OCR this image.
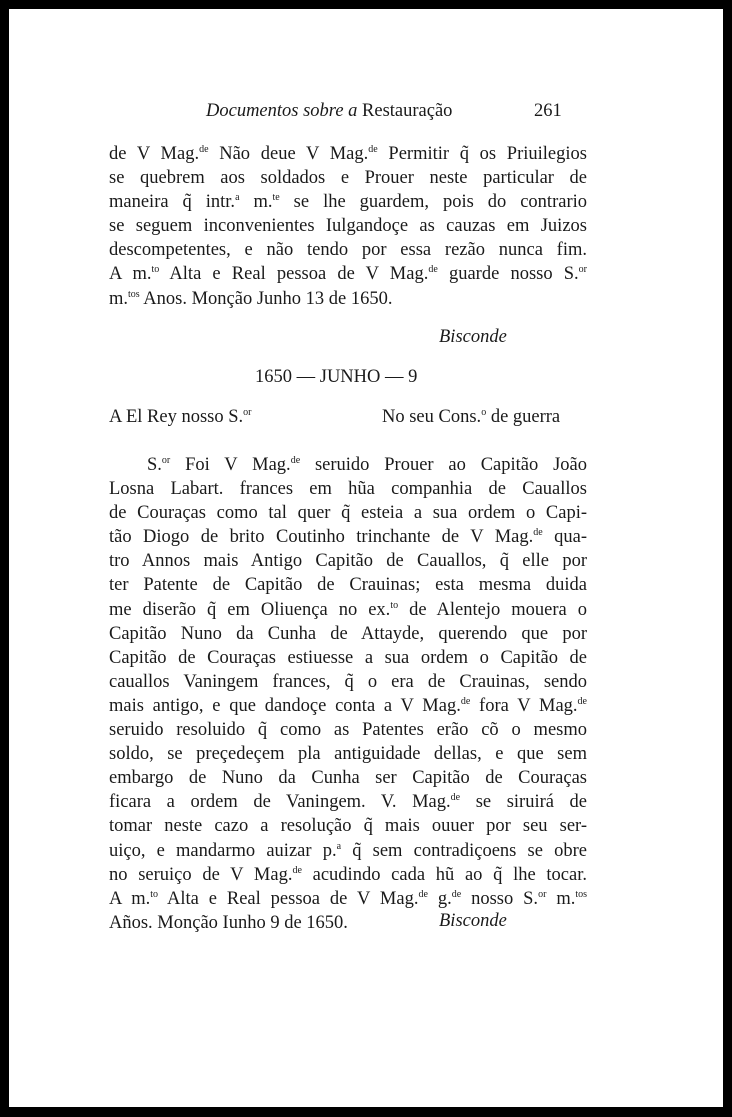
Documentos sobre a Restauração	261
de V Mag.$^{de}$ Não deue V Mag.$^{de}$ Permitir q̃ os Priuilegios
se quebrem aos soldados e Prouer neste particular de
maneira q̃ intr.$^a$ m.$^{te}$ se lhe guardem, pois do contrario
se seguem inconvenientes Iulgandoçe as cauzas em Juizos
descompetentes, e não tendo por essa rezão nunca fim.
A m.$^{to}$ Alta e Real pessoa de V Mag.$^{de}$ guarde nosso S.$^{or}$
m.$^{tos}$ Anos. Monção Junho 13 de 1650.
Bisconde
1650 — JUNHO — 9
A El Rey nosso S.$^{or}$	No seu Cons.$^o$ de guerra
S.$^{or}$ Foi V Mag.$^{de}$ seruido Prouer ao Capitão João
Losna Labart. frances em hũa companhia de Cauallos
de Couraças como tal quer q̃ esteia a sua ordem o Capi-
tão Diogo de brito Coutinho trinchante de V Mag.$^{de}$ qua-
tro Annos mais Antigo Capitão de Cauallos, q̃ elle por
ter Patente de Capitão de Crauinas; esta mesma duida
me diserão q̃ em Oliuença no ex.$^{to}$ de Alentejo mouera o
Capitão Nuno da Cunha de Attayde, querendo que por
Capitão de Couraças estiuesse a sua ordem o Capitão de
cauallos Vaningem frances, q̃ o era de Crauinas, sendo
mais antigo, e que dandoçe conta a V Mag.$^{de}$ fora V Mag.$^{de}$
seruido resoluido q̃ como as Patentes erão cõ o mesmo
soldo, se preçedeçem pla antiguidade dellas, e que sem
embargo de Nuno da Cunha ser Capitão de Couraças
ficara a ordem de Vaningem. V. Mag.$^{de}$ se siruirá de
tomar neste cazo a resolução q̃ mais ouuer por seu ser-
uiço, e mandarmo auizar p.$^a$ q̃ sem contradiçoens se obre
no seruiço de V Mag.$^{de}$ acudindo cada hũ ao q̃ lhe tocar.
A m.$^{to}$ Alta e Real pessoa de V Mag.$^{de}$ g.$^{de}$ nosso S.$^{or}$ m.$^{tos}$
Años. Monção Iunho 9 de 1650.	Bisconde
